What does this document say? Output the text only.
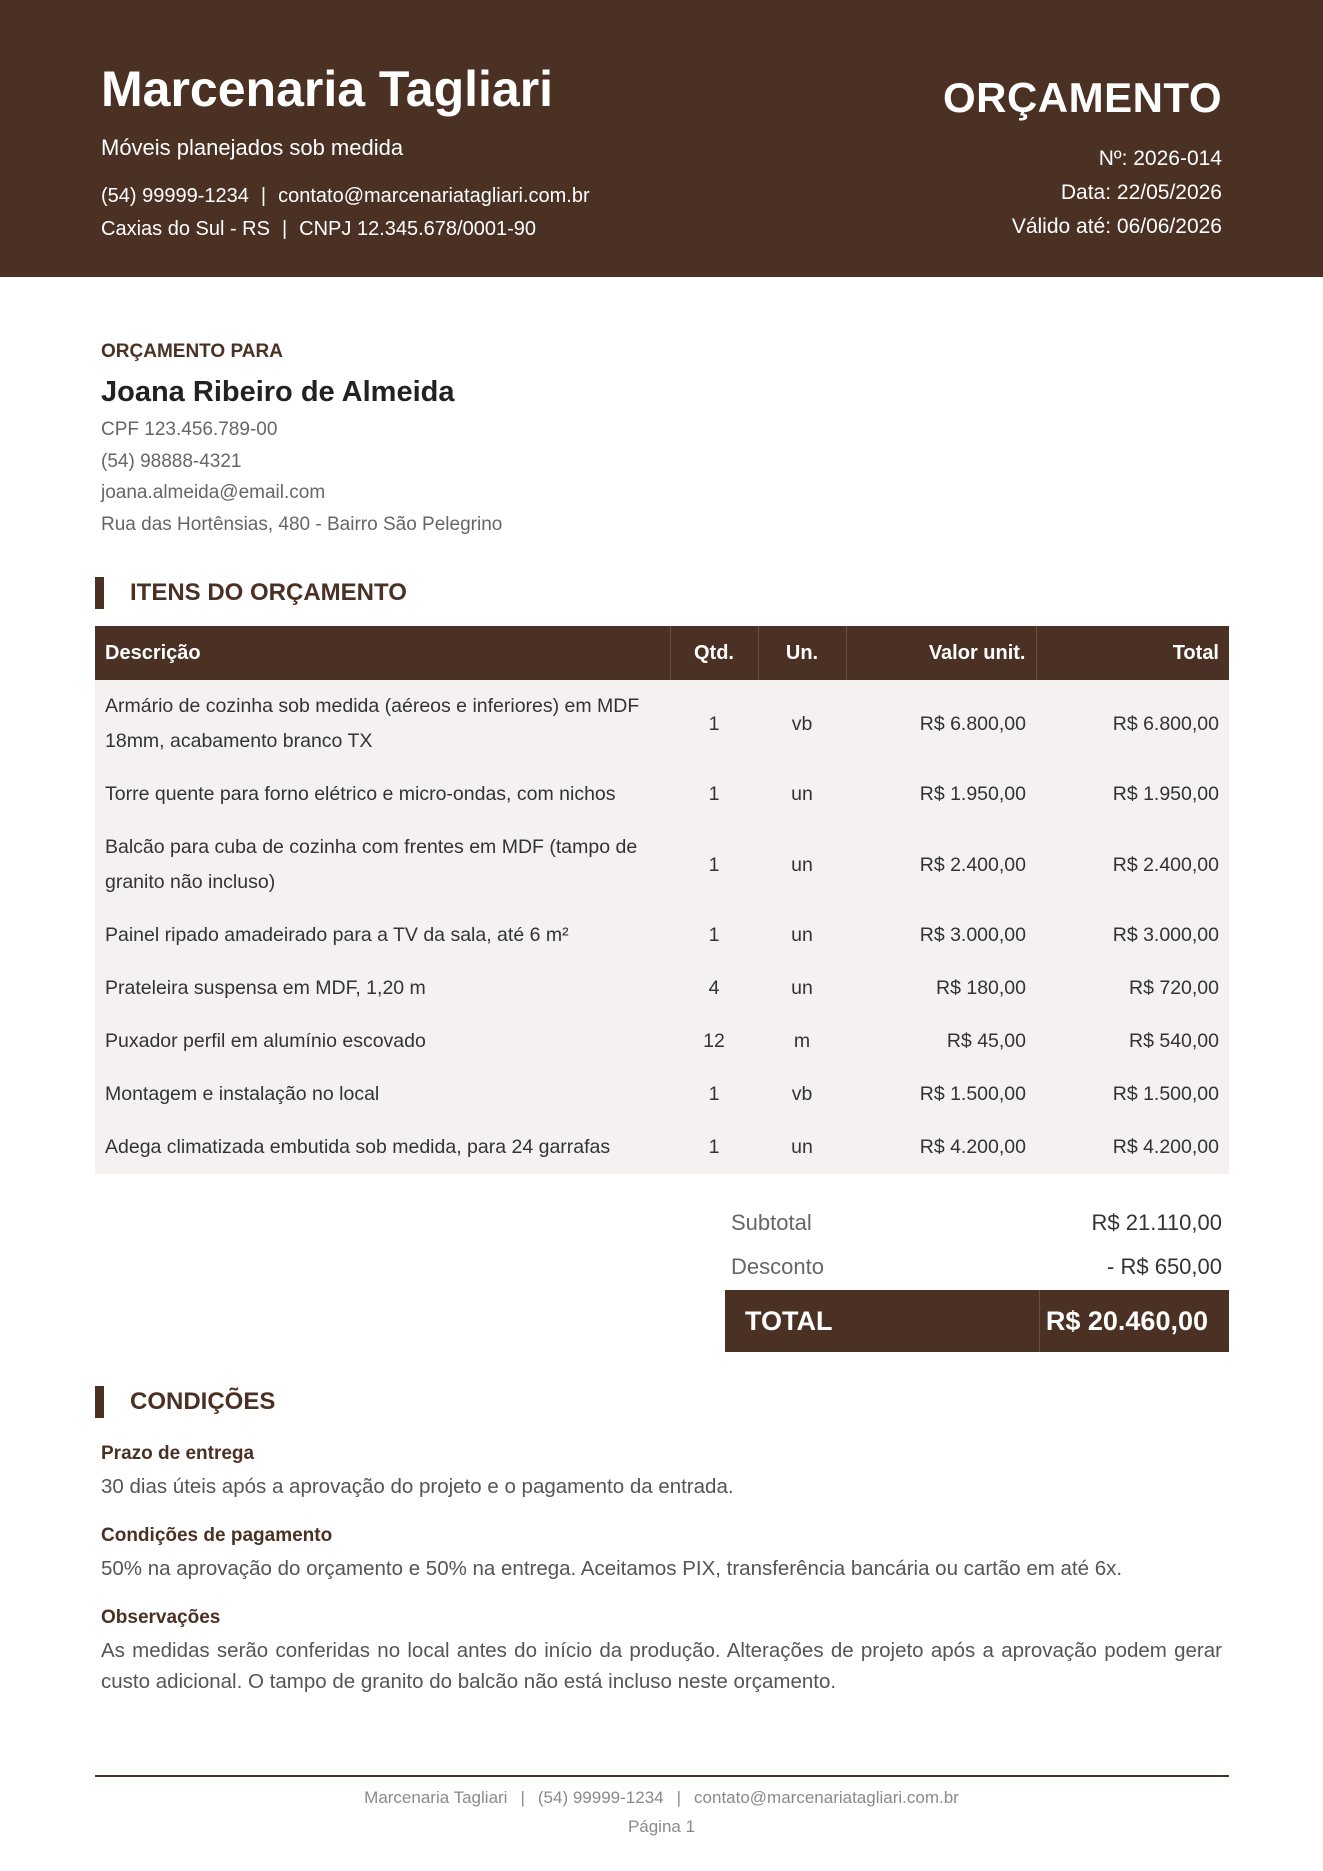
Marcenaria Tagliari
Móveis planejados sob medida
(54) 99999-1234 | contato@marcenariatagliari.com.br
Caxias do Sul - RS | CNPJ 12.345.678/0001-90
ORÇAMENTO
Nº: 2026-014
Data: 22/05/2026
Válido até: 06/06/2026
ORÇAMENTO PARA
Joana Ribeiro de Almeida
CPF 123.456.789-00
(54) 98888-4321
joana.almeida@email.com
Rua das Hortênsias, 480 - Bairro São Pelegrino
ITENS DO ORÇAMENTO
Descrição	Qtd.	Un.	Valor unit.	Total
Armário de cozinha sob medida (aéreos e inferiores) em MDF 18mm, acabamento branco TX	1	vb	R$ 6.800,00	R$ 6.800,00
Torre quente para forno elétrico e micro-ondas, com nichos	1	un	R$ 1.950,00	R$ 1.950,00
Balcão para cuba de cozinha com frentes em MDF (tampo de granito não incluso)	1	un	R$ 2.400,00	R$ 2.400,00
Painel ripado amadeirado para a TV da sala, até 6 m²	1	un	R$ 3.000,00	R$ 3.000,00
Prateleira suspensa em MDF, 1,20 m	4	un	R$ 180,00	R$ 720,00
Puxador perfil em alumínio escovado	12	m	R$ 45,00	R$ 540,00
Montagem e instalação no local	1	vb	R$ 1.500,00	R$ 1.500,00
Adega climatizada embutida sob medida, para 24 garrafas	1	un	R$ 4.200,00	R$ 4.200,00
Subtotal	R$ 21.110,00
Desconto	- R$ 650,00
TOTAL	R$ 20.460,00
CONDIÇÕES
Prazo de entrega
30 dias úteis após a aprovação do projeto e o pagamento da entrada.
Condições de pagamento
50% na aprovação do orçamento e 50% na entrega. Aceitamos PIX, transferência bancária ou cartão em até 6x.
Observações
As medidas serão conferidas no local antes do início da produção. Alterações de projeto após a aprovação podem gerar custo adicional. O tampo de granito do balcão não está incluso neste orçamento.
Marcenaria Tagliari | (54) 99999-1234 | contato@marcenariatagliari.com.br
Página 1
